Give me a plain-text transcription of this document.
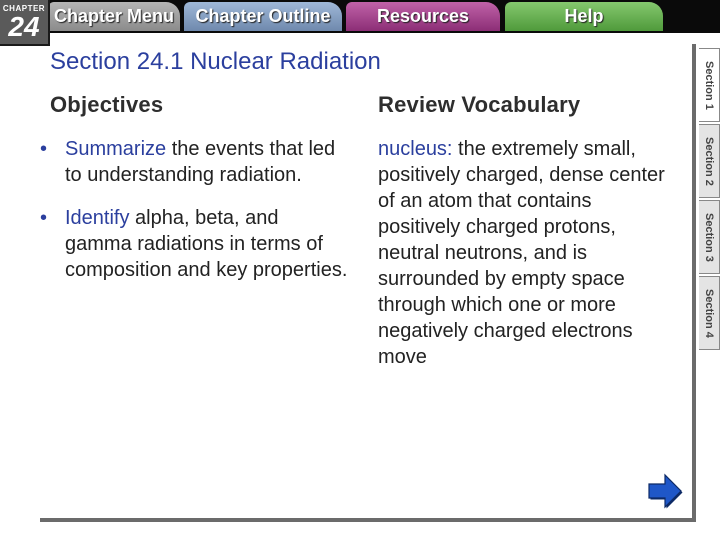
CHAPTER
24 Chapter Menu	Chapter Outline	Resources	Help
Section 24.1 Nuclear Radiation
Objectives	Review Vocabulary
• Summarize the events that led to understanding radiation.
• Identify alpha, beta, and gamma radiations in terms of composition and key properties.
nucleus: the extremely small, positively charged, dense center of an atom that contains positively charged protons, neutral neutrons, and is surrounded by empty space through which one or more negatively charged electrons move
Section 1
Section 2
Section 3
Section 4
